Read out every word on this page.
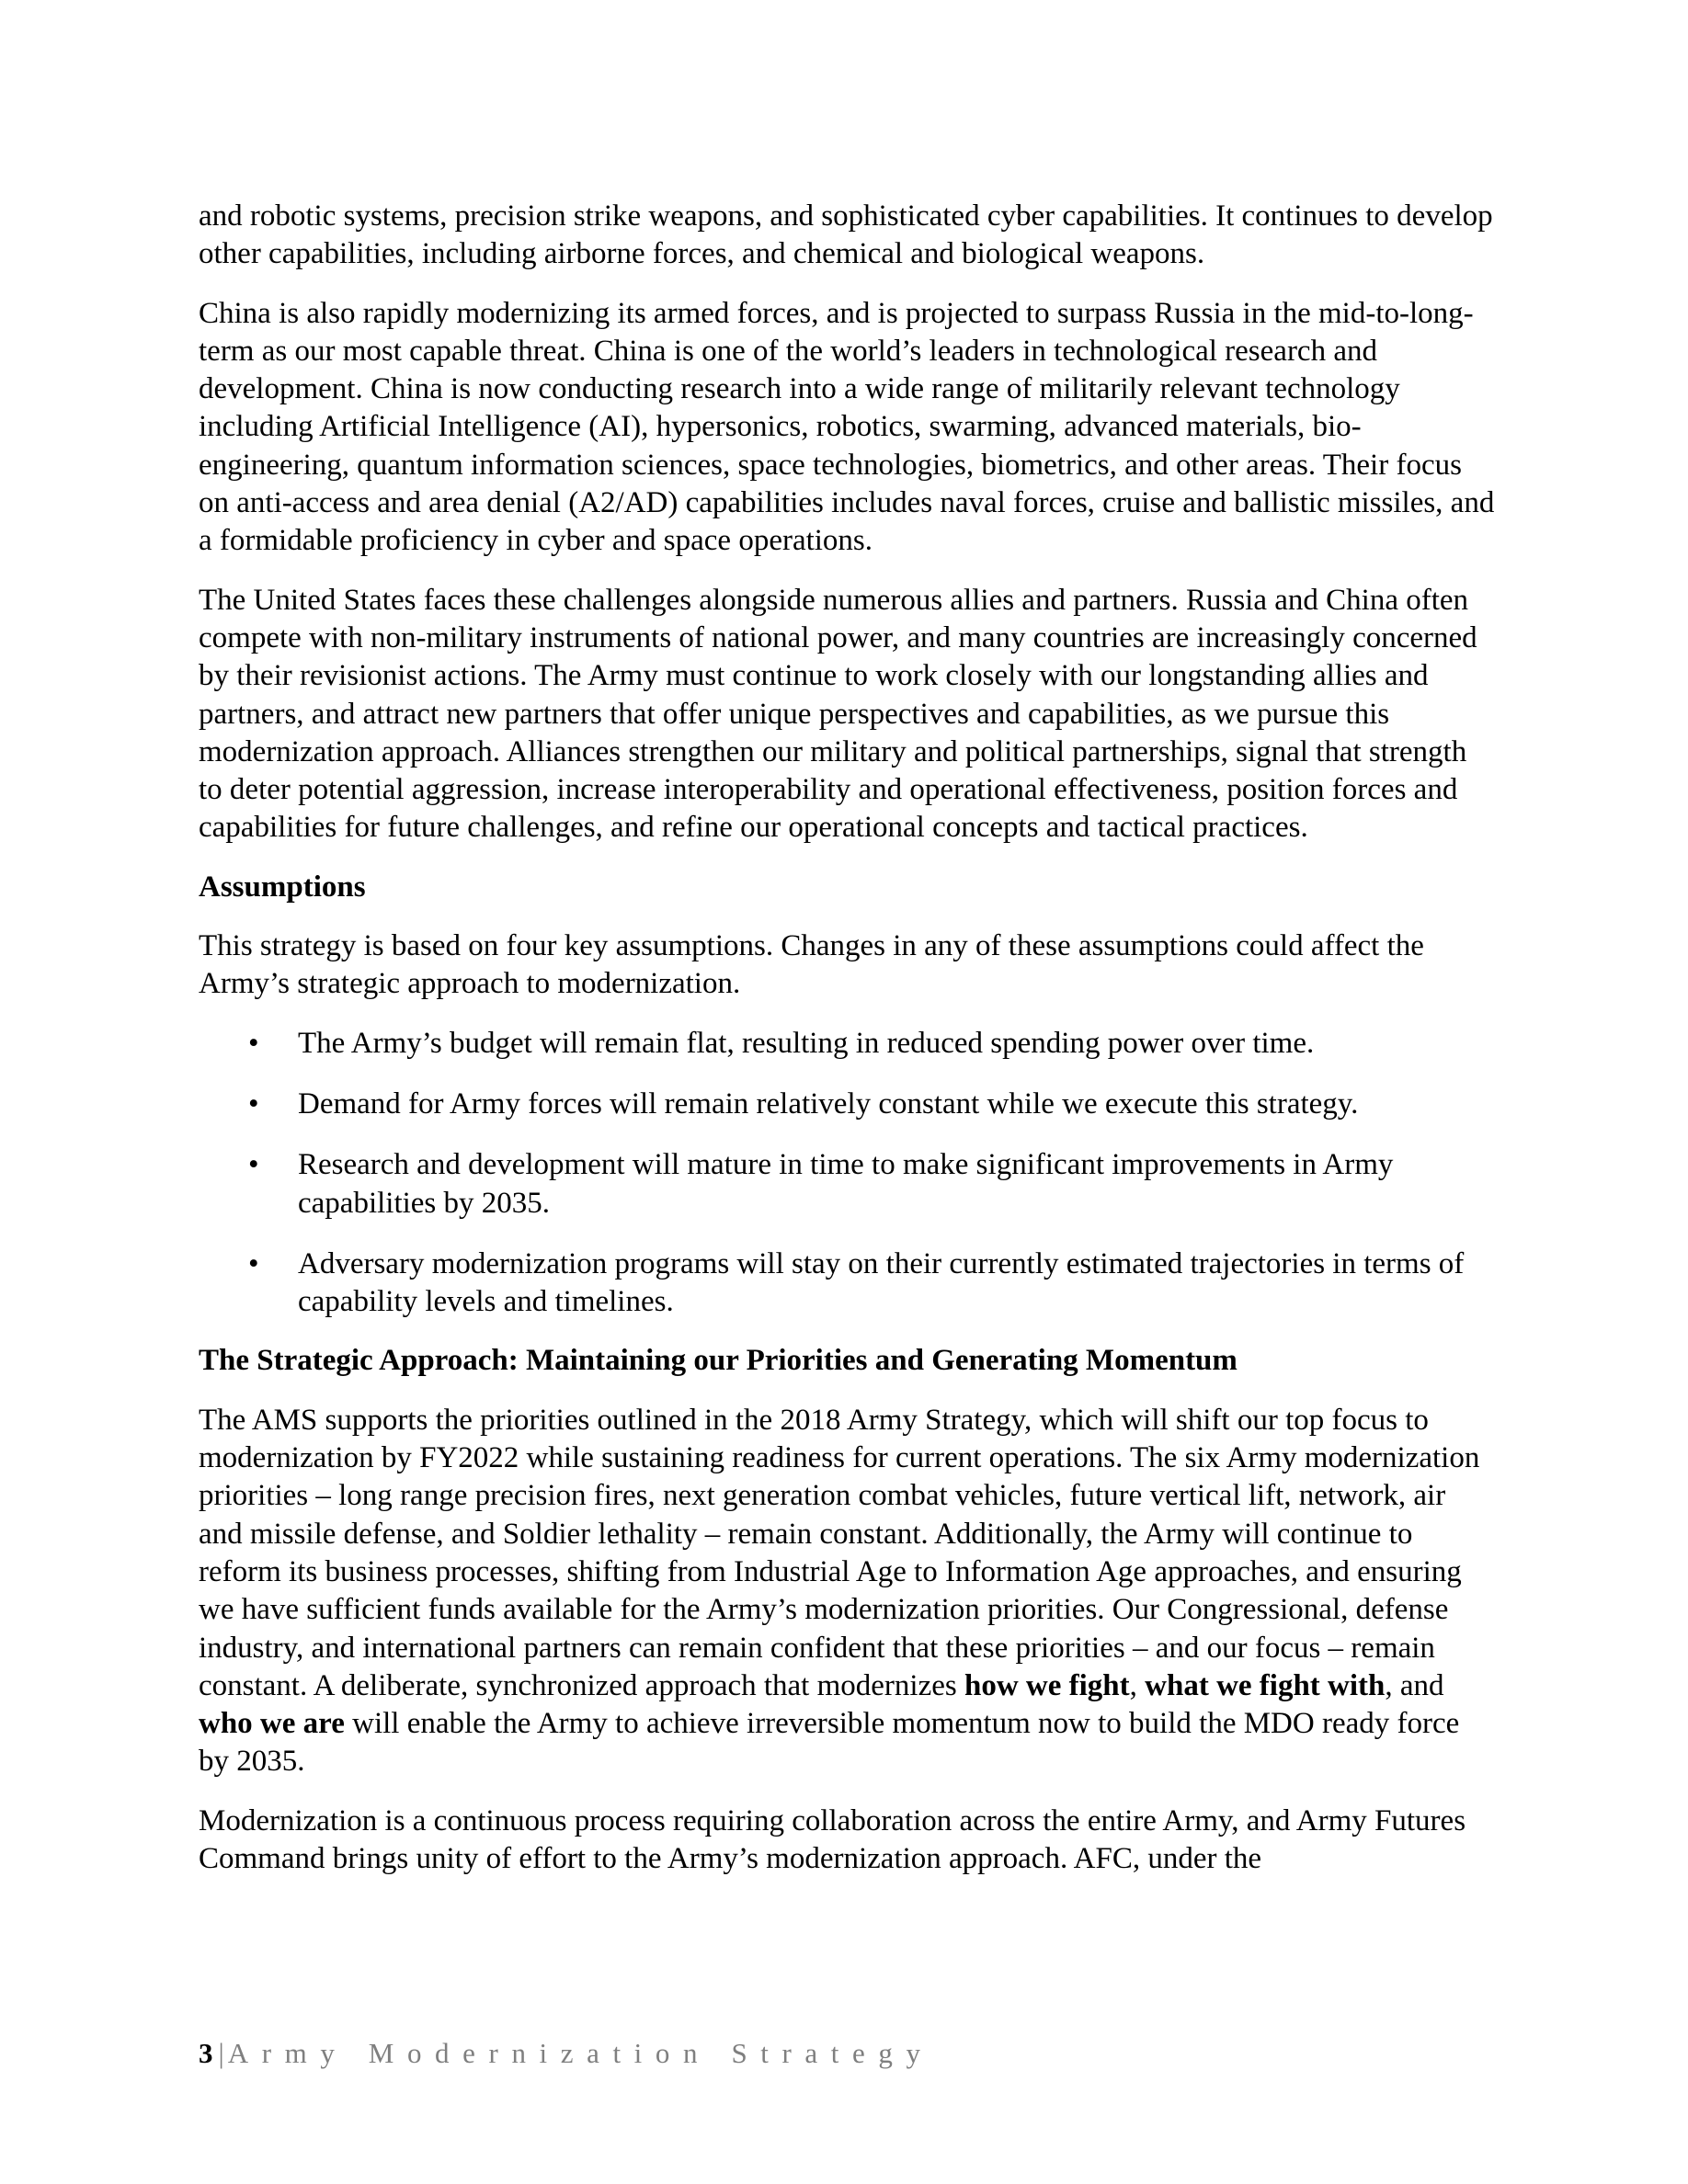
and robotic systems, precision strike weapons, and sophisticated cyber capabilities. It continues to develop other capabilities, including airborne forces, and chemical and biological weapons.

China is also rapidly modernizing its armed forces, and is projected to surpass Russia in the mid-to-long-term as our most capable threat. China is one of the world’s leaders in technological research and development. China is now conducting research into a wide range of militarily relevant technology including Artificial Intelligence (AI), hypersonics, robotics, swarming, advanced materials, bio-engineering, quantum information sciences, space technologies, biometrics, and other areas. Their focus on anti-access and area denial (A2/AD) capabilities includes naval forces, cruise and ballistic missiles, and a formidable proficiency in cyber and space operations.

The United States faces these challenges alongside numerous allies and partners. Russia and China often compete with non-military instruments of national power, and many countries are increasingly concerned by their revisionist actions. The Army must continue to work closely with our longstanding allies and partners, and attract new partners that offer unique perspectives and capabilities, as we pursue this modernization approach. Alliances strengthen our military and political partnerships, signal that strength to deter potential aggression, increase interoperability and operational effectiveness, position forces and capabilities for future challenges, and refine our operational concepts and tactical practices.

Assumptions

This strategy is based on four key assumptions. Changes in any of these assumptions could affect the Army’s strategic approach to modernization.

• The Army’s budget will remain flat, resulting in reduced spending power over time.
• Demand for Army forces will remain relatively constant while we execute this strategy.
• Research and development will mature in time to make significant improvements in Army capabilities by 2035.
• Adversary modernization programs will stay on their currently estimated trajectories in terms of capability levels and timelines.
The Strategic Approach: Maintaining our Priorities and Generating Momentum

The AMS supports the priorities outlined in the 2018 Army Strategy, which will shift our top focus to modernization by FY2022 while sustaining readiness for current operations. The six Army modernization priorities – long range precision fires, next generation combat vehicles, future vertical lift, network, air and missile defense, and Soldier lethality – remain constant. Additionally, the Army will continue to reform its business processes, shifting from Industrial Age to Information Age approaches, and ensuring we have sufficient funds available for the Army’s modernization priorities. Our Congressional, defense industry, and international partners can remain confident that these priorities – and our focus – remain constant. A deliberate, synchronized approach that modernizes how we fight, what we fight with, and who we are will enable the Army to achieve irreversible momentum now to build the MDO ready force by 2035.

Modernization is a continuous process requiring collaboration across the entire Army, and Army Futures Command brings unity of effort to the Army’s modernization approach. AFC, under the

3 | Army Modernization Strategy
